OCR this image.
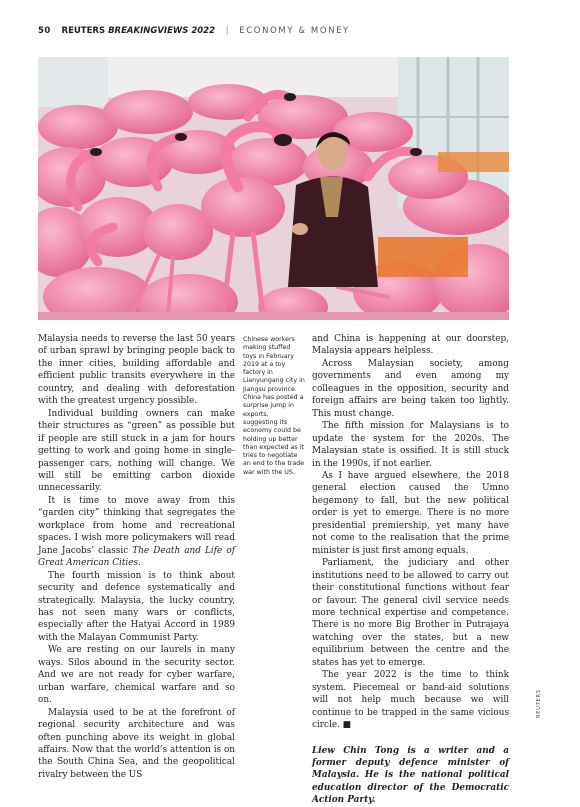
50 REUTERS BREAKINGVIEWS 2022 | ECONOMY & MONEY

Malaysia needs to reverse the last 50 years of urban sprawl by bringing people back to the inner cities, building affordable and efficient public transits everywhere in the country, and dealing with deforestation with the greatest urgency possible.

Individual building owners can make their structures as “green” as possible but if people are still stuck in a jam for hours getting to work and going home in single-passenger cars, nothing will change. We will still be emitting carbon dioxide unnecessarily.

It is time to move away from this “garden city” thinking that segregates the workplace from home and recreational spaces. I wish more policymakers will read Jane Jacobs’ classic The Death and Life of Great American Cities.

The fourth mission is to think about security and defence systematically and strategically. Malaysia, the lucky country, has not seen many wars or conflicts, especially after the Hatyai Accord in 1989 with the Malayan Communist Party.

We are resting on our laurels in many ways. Silos abound in the security sector. And we are not ready for cyber warfare, urban warfare, chemical warfare and so on.

Malaysia used to be at the forefront of regional security architecture and was often punching above its weight in global affairs. Now that the world’s attention is on the South China Sea, and the geopolitical rivalry between the US

Chinese workers making stuffed toys in February 2019 at a toy factory in Lianyungang city in Jiangsu province. China has posted a surprise jump in exports, suggesting its economy could be holding up better than expected as it tries to negotiate an end to the trade war with the US.

and China is happening at our doorstep, Malaysia appears helpless.

Across Malaysian society, among governments and even among my colleagues in the opposition, security and foreign affairs are being taken too lightly. This must change.

The fifth mission for Malaysians is to update the system for the 2020s. The Malaysian state is ossified. It is still stuck in the 1990s, if not earlier.

As I have argued elsewhere, the 2018 general election caused the Umno hegemony to fall, but the new political order is yet to emerge. There is no more presidential premiership, yet many have not come to the realisation that the prime minister is just first among equals.

Parliament, the judiciary and other institutions need to be allowed to carry out their constitutional functions without fear or favour. The general civil service needs more technical expertise and competence. There is no more Big Brother in Putrajaya watching over the states, but a new equilibrium between the centre and the states has yet to emerge.

The year 2022 is the time to think system. Piecemeal or band-aid solutions will not help much because we will continue to be trapped in the same vicious circle. ■

Liew Chin Tong is a writer and a former deputy defence minister of Malaysia. He is the national political education director of the Democratic Action Party.

REUTERS
